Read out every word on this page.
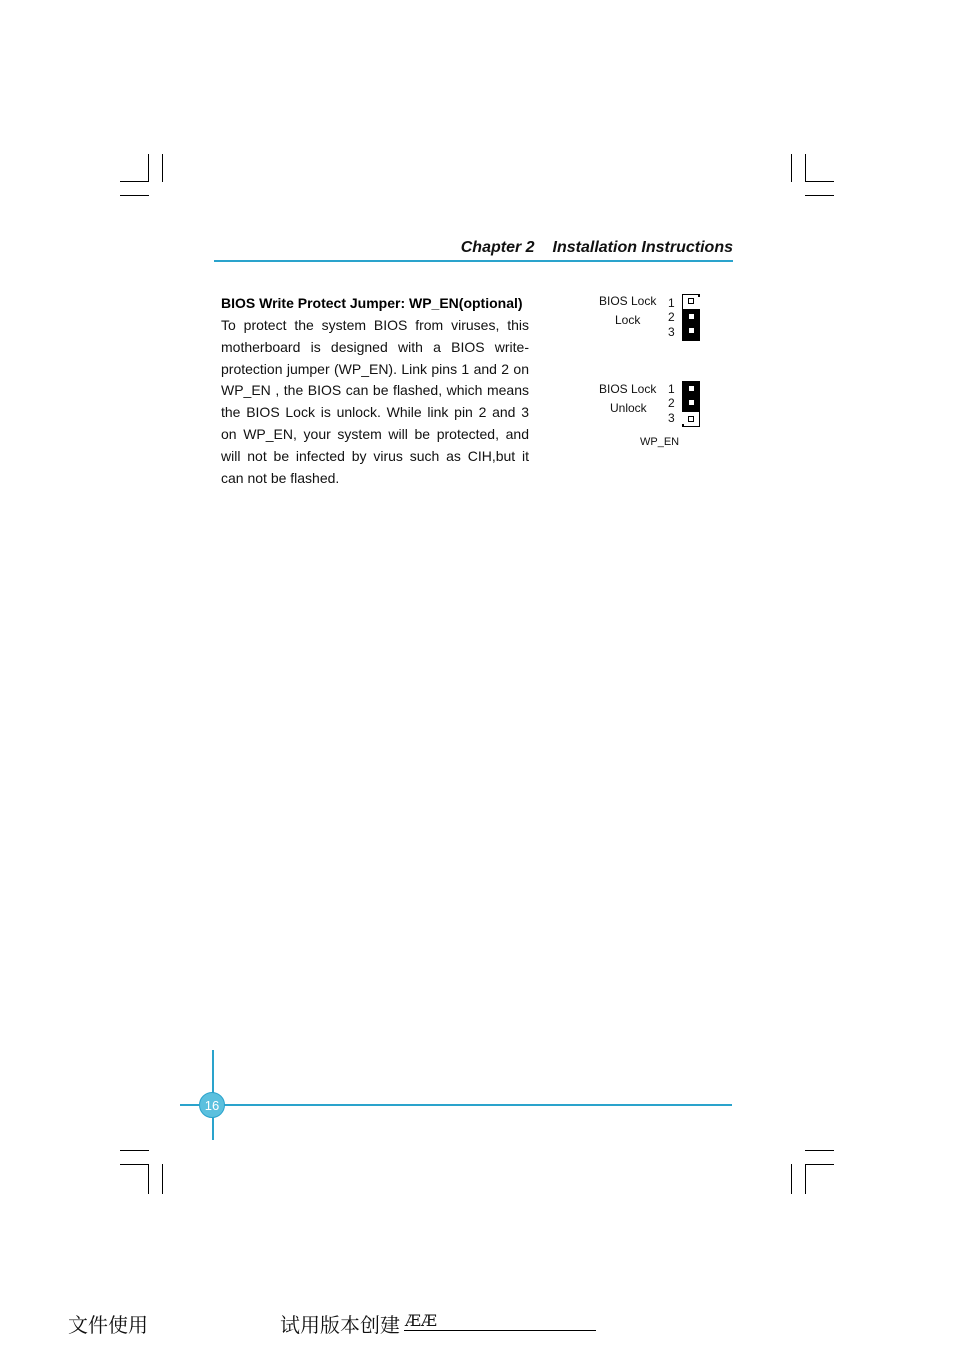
Chapter 2 Installation Instructions
BIOS Write Protect Jumper: WP_EN(optional)
To protect the system BIOS from viruses, this motherboard is designed with a BIOS write-protection jumper (WP_EN). Link pins 1 and 2 on WP_EN , the BIOS can be flashed, which means the BIOS Lock is unlock. While link pin 2 and 3 on WP_EN, your system will be protected, and will not be infected by virus such as CIH,but it can not be flashed.
BIOS Lock
Lock
1
2
3
BIOS Lock
Unlock
1
2
3
WP_EN
16
文件使用	试用版本创建 ÆÆ
